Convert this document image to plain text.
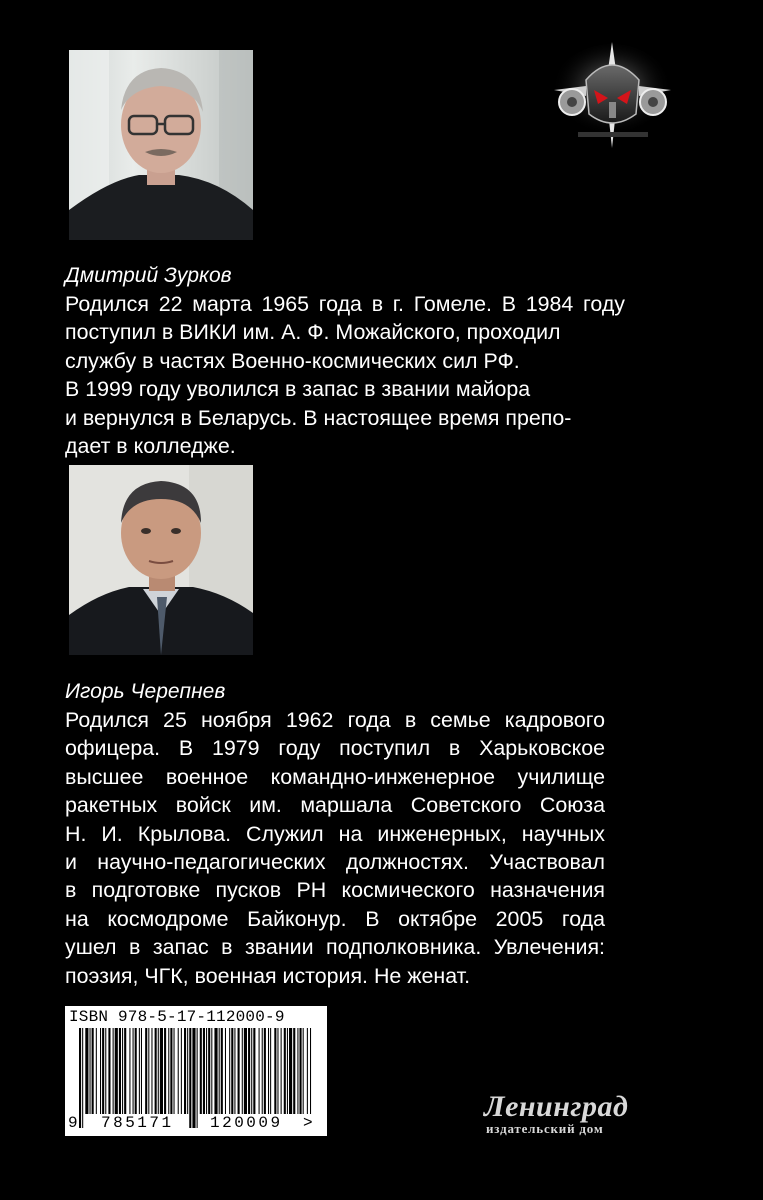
Дмитрий Зурков
Родился 22 марта 1965 года в г. Гомеле. В 1984 году
поступил в ВИКИ им. А. Ф. Можайского, проходил
службу в частях Военно-космических сил РФ.
В 1999 году уволился в запас в звании майора
и вернулся в Беларусь. В настоящее время препо-
дает в колледже.
Игорь Черепнев
Родился 25 ноября 1962 года в семье кадрового
офицера. В 1979 году поступил в Харьковское
высшее военное командно-инженерное училище
ракетных войск им. маршала Советского Союза
Н. И. Крылова. Служил на инженерных, научных
и научно-педагогических должностях. Участвовал
в подготовке пусков РН космического назначения
на космодроме Байконур. В октябре 2005 года
ушел в запас в звании подполковника. Увлечения:
поэзия, ЧГК, военная история. Не женат.
ISBN 978-5-17-112000-9
9 785171 120009 >	Ленинград
издательский дом
